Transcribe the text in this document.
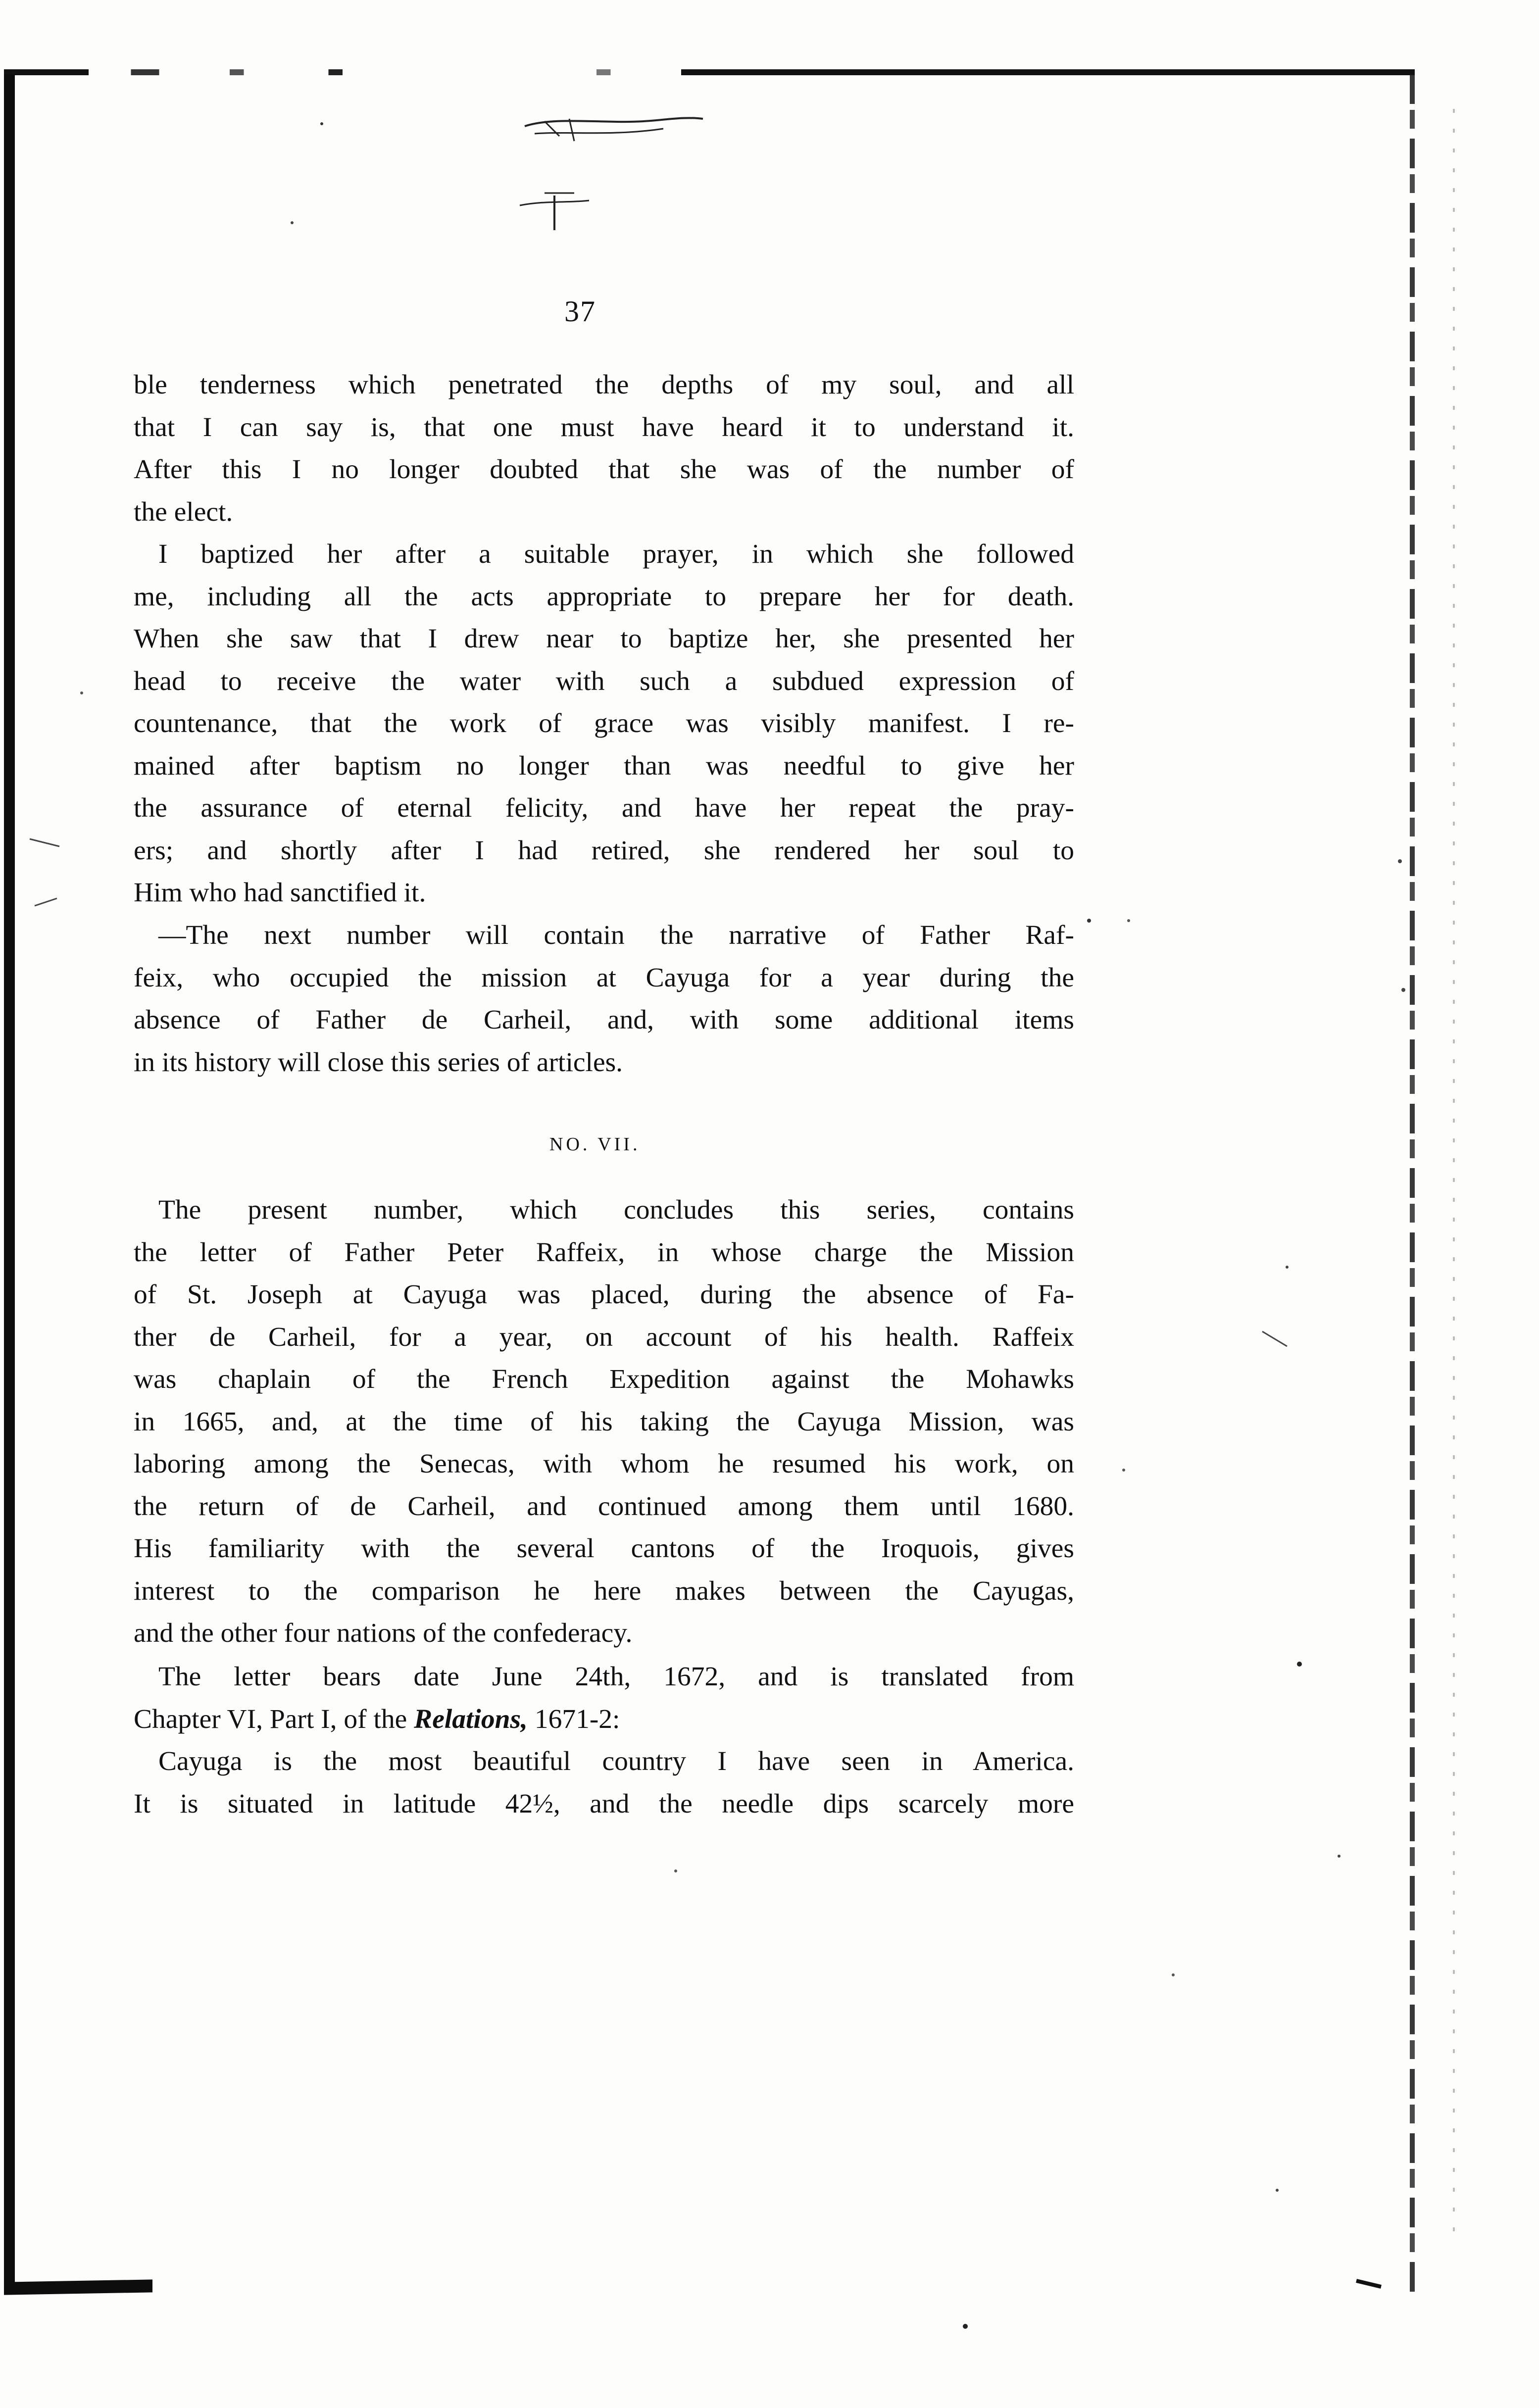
37

ble tenderness which penetrated the depths of my soul, and all
that I can say is, that one must have heard it to understand it.
After this I no longer doubted that she was of the number of
the elect.

I baptized her after a suitable prayer, in which she followed
me, including all the acts appropriate to prepare her for death.
When she saw that I drew near to baptize her, she presented her
head to receive the water with such a subdued expression of
countenance, that the work of grace was visibly manifest. I re-
mained after baptism no longer than was needful to give her
the assurance of eternal felicity, and have her repeat the pray-
ers; and shortly after I had retired, she rendered her soul to
Him who had sanctified it.

—The next number will contain the narrative of Father Raf-
feix, who occupied the mission at Cayuga for a year during the
absence of Father de Carheil, and, with some additional items
in its history will close this series of articles.

NO. VII.

The present number, which concludes this series, contains
the letter of Father Peter Raffeix, in whose charge the Mission
of St. Joseph at Cayuga was placed, during the absence of Fa-
ther de Carheil, for a year, on account of his health. Raffeix
was chaplain of the French Expedition against the Mohawks
in 1665, and, at the time of his taking the Cayuga Mission, was
laboring among the Senecas, with whom he resumed his work, on
the return of de Carheil, and continued among them until 1680.
His familiarity with the several cantons of the Iroquois, gives
interest to the comparison he here makes between the Cayugas,
and the other four nations of the confederacy.

The letter bears date June 24th, 1672, and is translated from
Chapter VI, Part I, of the Relations, 1671-2:

Cayuga is the most beautiful country I have seen in America.
It is situated in latitude 42½, and the needle dips scarcely more
